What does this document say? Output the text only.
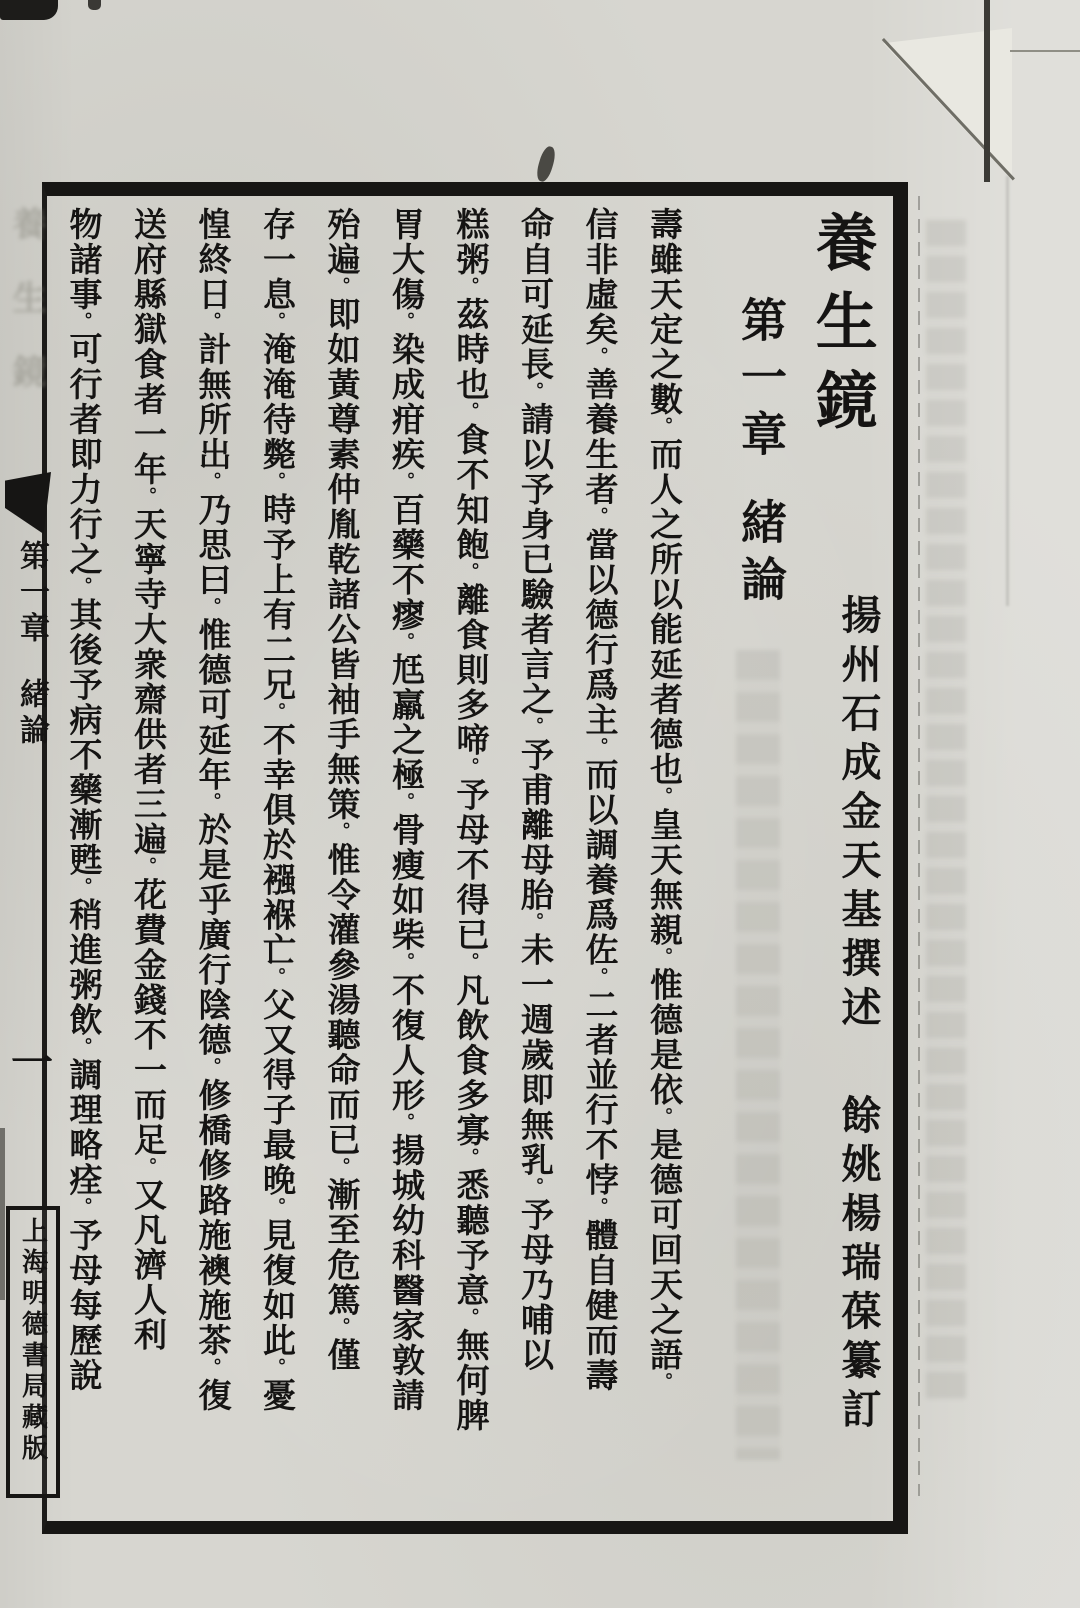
養生鏡
第一章
緒論
揚州石成金天基撰述
餘姚楊瑞葆纂訂
壽雖天定之數。而人之所以能延者德也。皇天無親。惟德是依。是德可回天之語。
信非虛矣。善養生者。當以德行爲主。而以調養爲佐。二者並行不悖。體自健而壽
命自可延長。請以予身已驗者言之。予甫離母胎。未一週歲即無乳。予母乃哺以
糕粥。茲時也。食不知飽。離食則多啼。予母不得已。凡飲食多寡。悉聽予意。無何脾
胃大傷。染成疳疾。百藥不瘳。尪羸之極。骨瘦如柴。不復人形。揚城幼科醫家敦請
殆遍。即如黃尊素仲胤乾諸公皆袖手無策。惟令灌參湯聽命而已。漸至危篤。僅
存一息。淹淹待斃。時予上有二兄。不幸俱於襁褓亡。父又得子最晚。見復如此。憂
惶終日。計無所出。乃思曰。惟德可延年。於是乎廣行陰德。修橋修路施襖施茶。復
送府縣獄食者一年。天寧寺大衆齋供者三遍。花費金錢不一而足。又凡濟人利
物諸事。可行者即力行之。其後予病不藥漸甦。稍進粥飲。調理略痊。予母每歷說
養生鏡
第一章
緒論
一
上海明德書局藏版
